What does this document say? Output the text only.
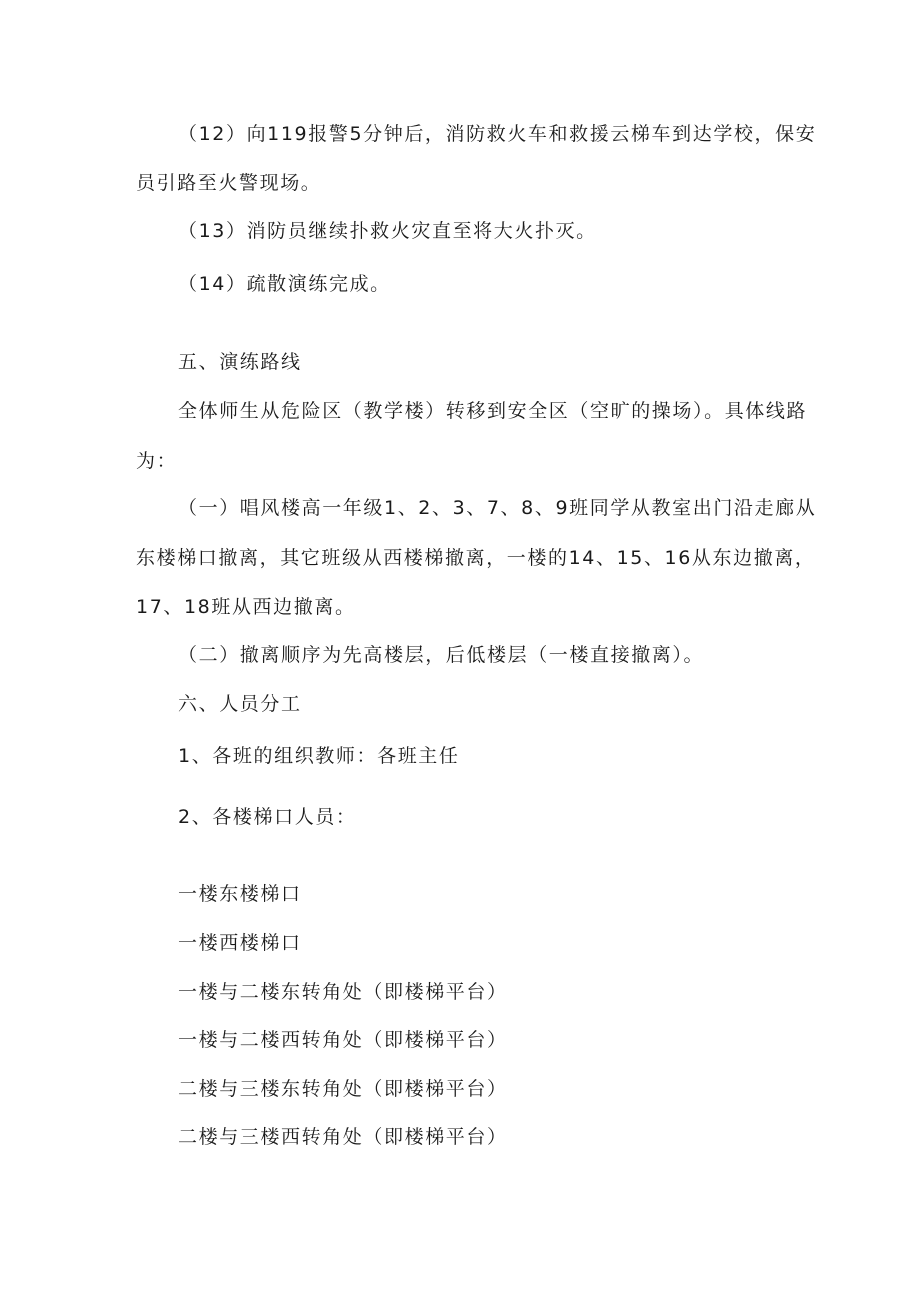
（12）向119报警5分钟后，消防救火车和救援云梯车到达学校，保安
员引路至火警现场。
（13）消防员继续扑救火灾直至将大火扑灭。
（14）疏散演练完成。
五、演练路线
全体师生从危险区（教学楼）转移到安全区（空旷的操场）。具体线路
为：
（一）唱风楼高一年级1、2、3、7、8、9班同学从教室出门沿走廊从
东楼梯口撤离，其它班级从西楼梯撤离，一楼的14、15、16从东边撤离，
17、18班从西边撤离。
（二）撤离顺序为先高楼层，后低楼层（一楼直接撤离）。
六、人员分工
1、各班的组织教师：各班主任
2、各楼梯口人员：
一楼东楼梯口
一楼西楼梯口
一楼与二楼东转角处（即楼梯平台）
一楼与二楼西转角处（即楼梯平台）
二楼与三楼东转角处（即楼梯平台）
二楼与三楼西转角处（即楼梯平台）
